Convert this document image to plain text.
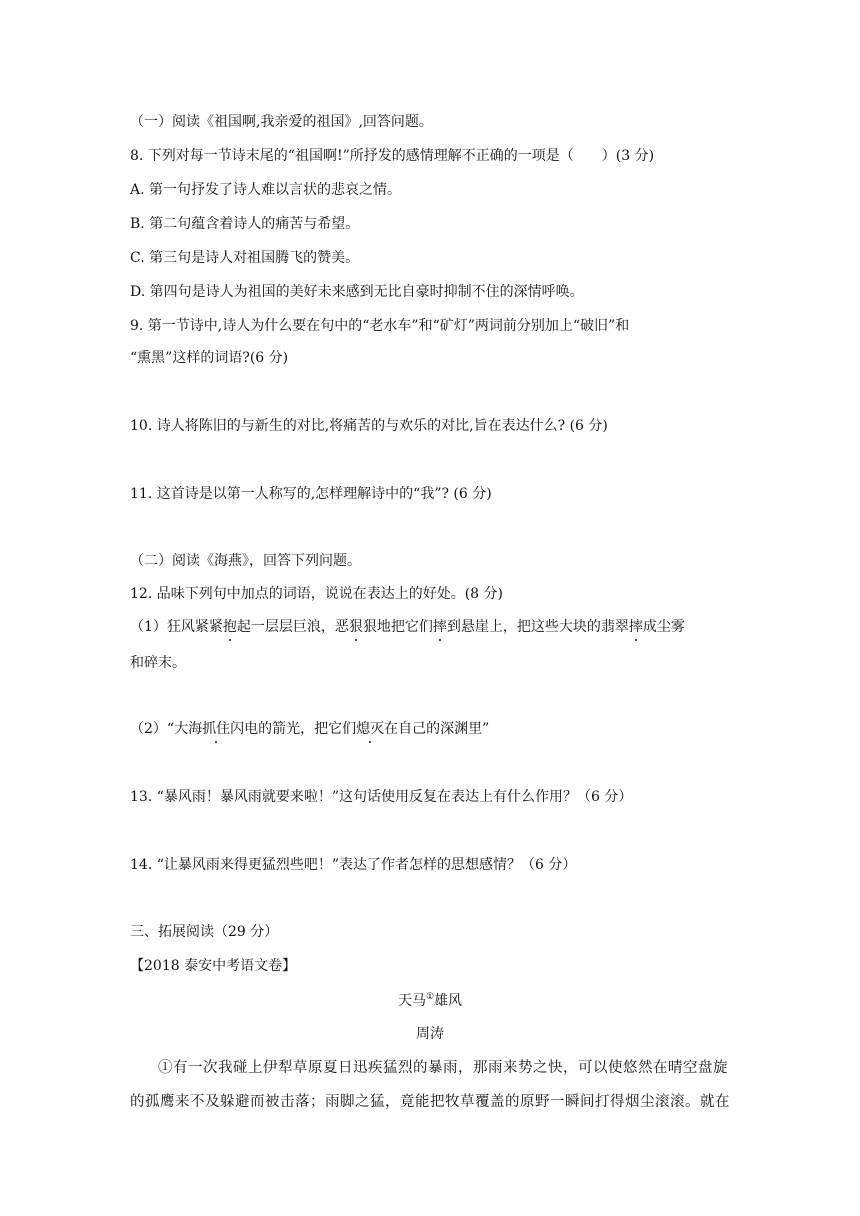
（一）阅读《祖国啊,我亲爱的祖国》,回答问题。
8. 下列对每一节诗末尾的“祖国啊!”所抒发的感情理解不正确的一项是（　　）(3 分)
A. 第一句抒发了诗人难以言状的悲哀之情。
B. 第二句蕴含着诗人的痛苦与希望。
C. 第三句是诗人对祖国腾飞的赞美。
D. 第四句是诗人为祖国的美好未来感到无比自豪时抑制不住的深情呼唤。
9. 第一节诗中,诗人为什么要在句中的“老水车”和“矿灯”两词前分别加上“破旧”和
“熏黑”这样的词语?(6 分)
10. 诗人将陈旧的与新生的对比,将痛苦的与欢乐的对比,旨在表达什么? (6 分)
11. 这首诗是以第一人称写的,怎样理解诗中的“我”? (6 分)
（二）阅读《海燕》，回答下列问题。
12. 品味下列句中加点的词语，说说在表达上的好处。(8 分)
（1）狂风紧紧抱起一层层巨浪，恶狠狠地把它们摔到悬崖上，把这些大块的翡翠摔成尘雾
和碎末。
（2）“大海抓住闪电的箭光，把它们熄灭在自己的深渊里”
13. “暴风雨！暴风雨就要来啦！”这句话使用反复在表达上有什么作用？（6 分）
14. “让暴风雨来得更猛烈些吧！”表达了作者怎样的思想感情？（6 分）
三、拓展阅读（29 分）
【2018 泰安中考语文卷】
天马①雄风
周涛
①有一次我碰上伊犁草原夏日迅疾猛烈的暴雨，那雨来势之快，可以使悠然在晴空盘旋
的孤鹰来不及躲避而被击落；雨脚之猛，竟能把牧草覆盖的原野一瞬间打得烟尘滚滚。就在
